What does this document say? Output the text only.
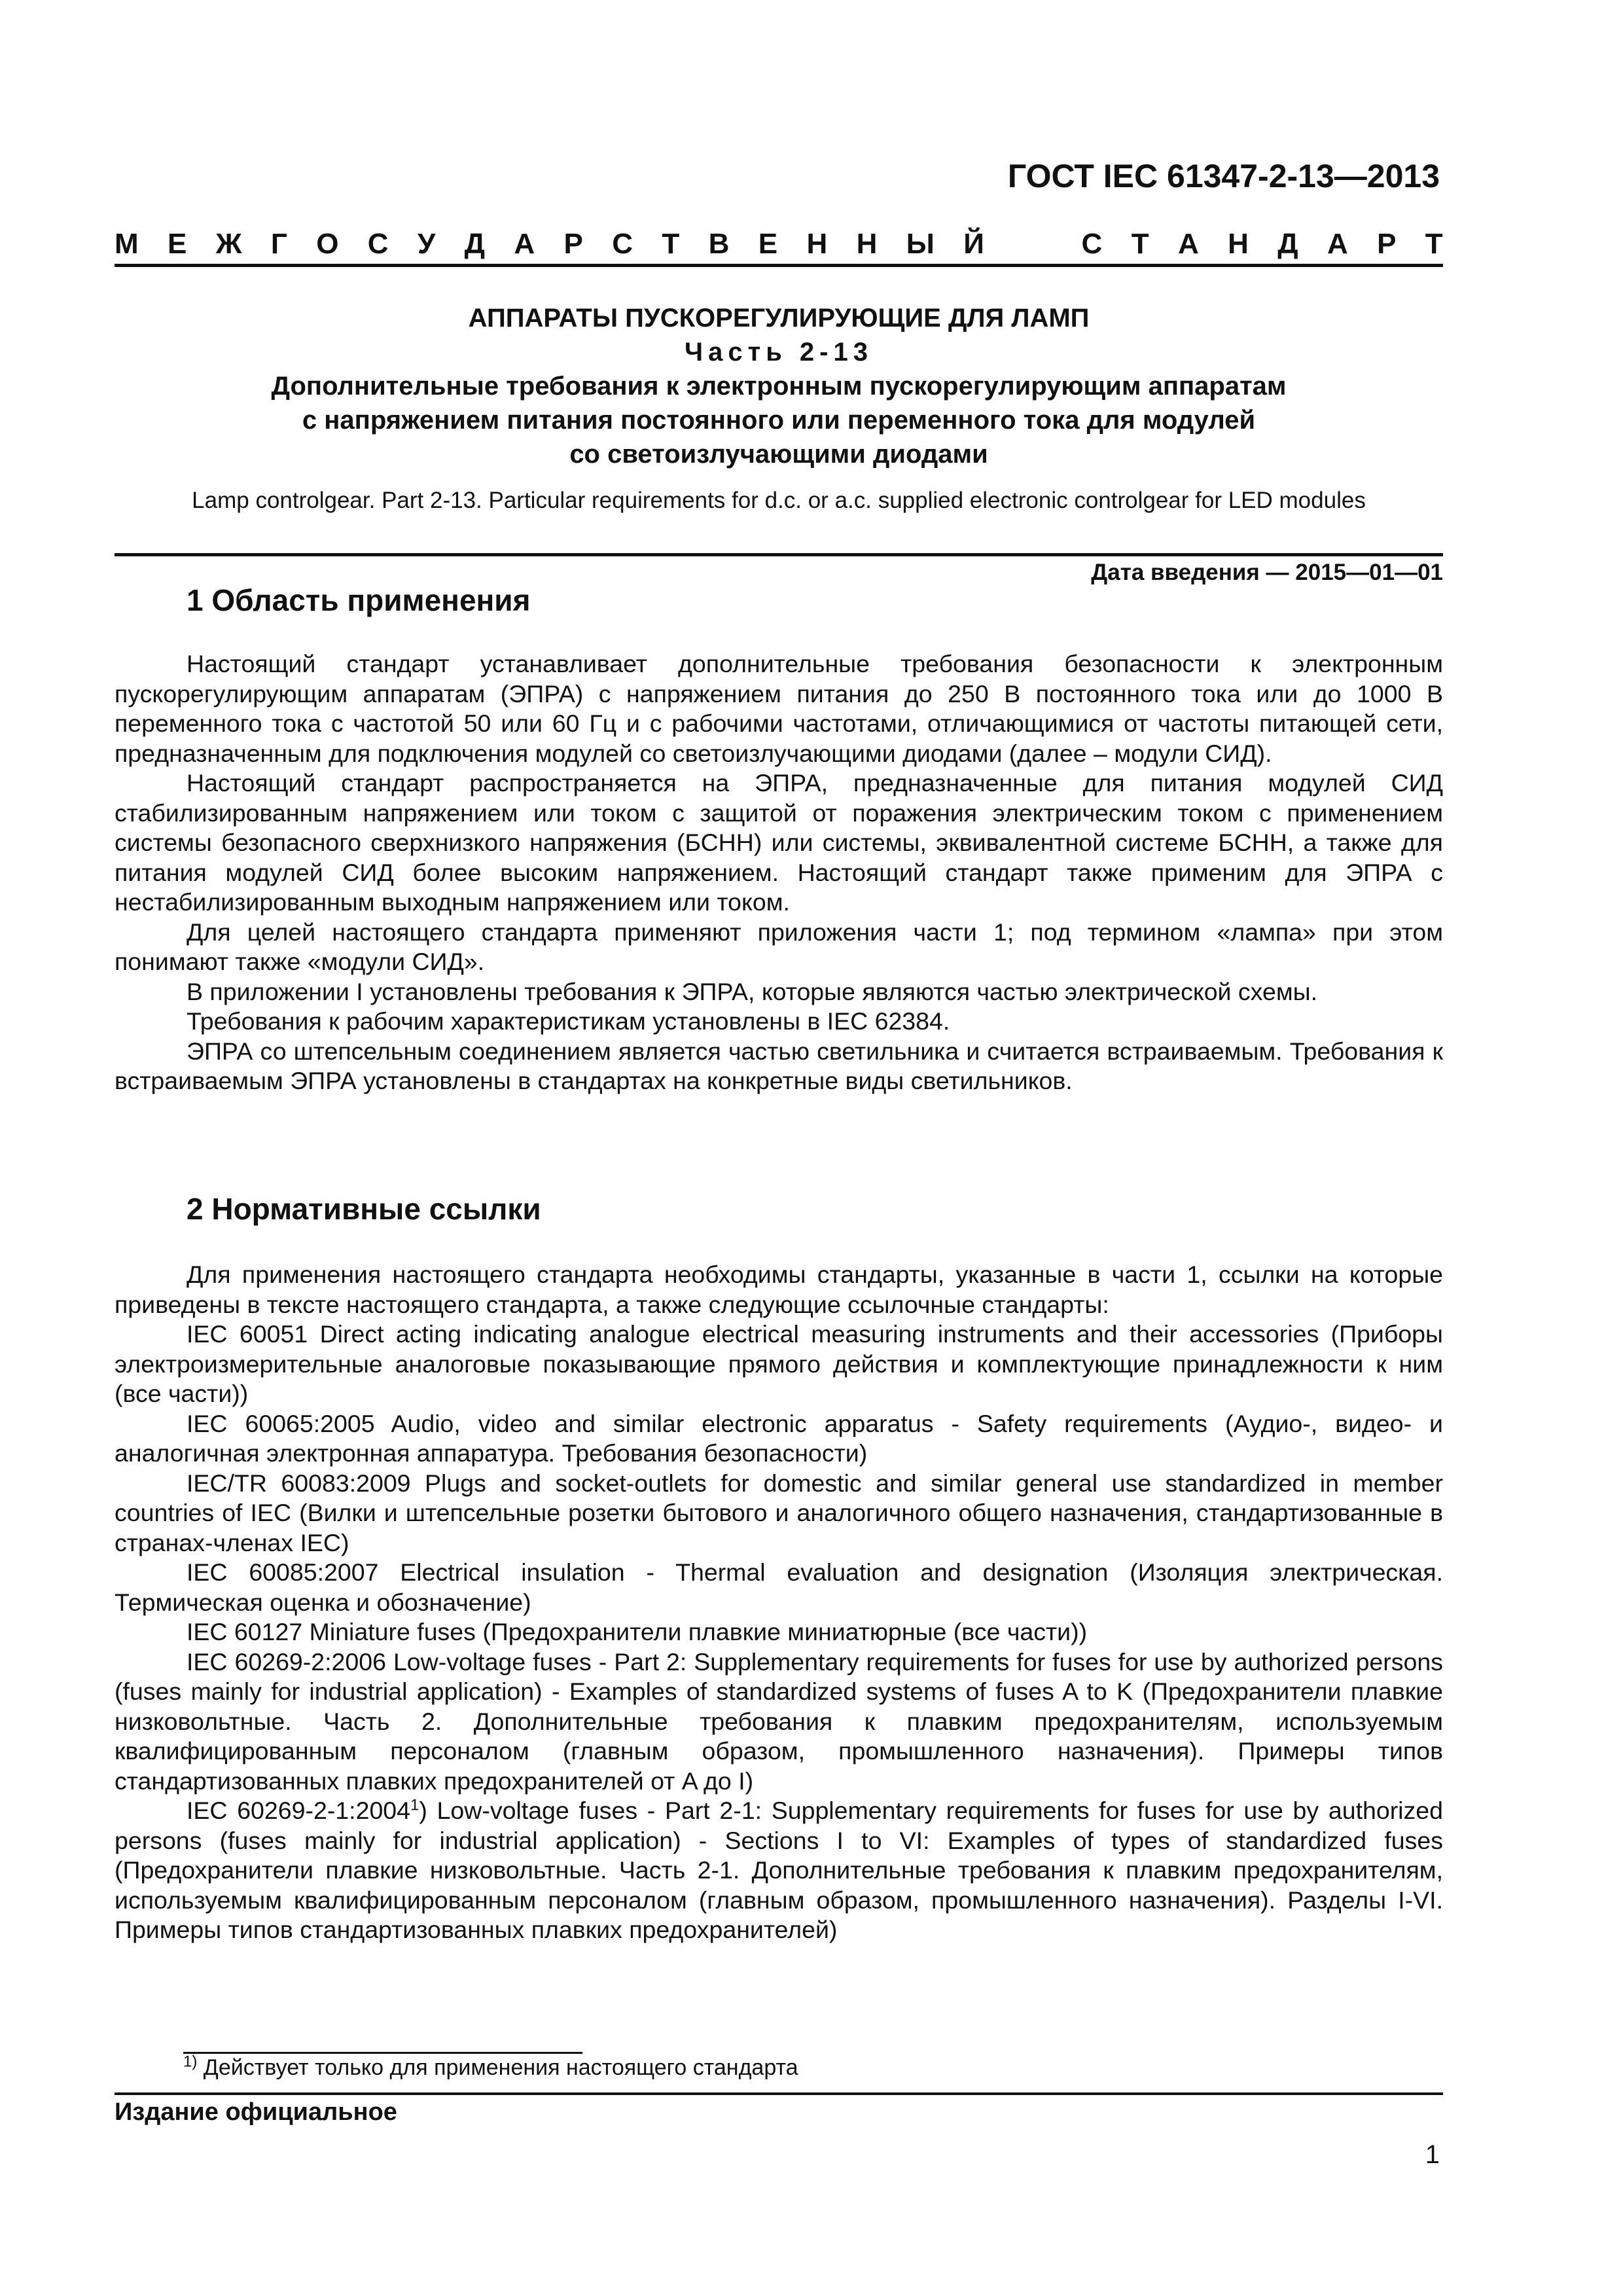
ГОСТ IEC 61347-2-13—2013
М Е Ж Г О С У Д А Р С Т В Е Н Н Ы Й	С Т А Н Д А Р Т
АППАРАТЫ ПУСКОРЕГУЛИРУЮЩИЕ ДЛЯ ЛАМП
Часть 2-13
Дополнительные требования к электронным пускорегулирующим аппаратам
с напряжением питания постоянного или переменного тока для модулей
со светоизлучающими диодами
Lamp controlgear. Part 2-13. Particular requirements for d.c. or a.c. supplied electronic controlgear for LED modules
Дата введения — 2015—01—01
1 Область применения

Настоящий стандарт устанавливает дополнительные требования безопасности к электронным пускорегулирующим аппаратам (ЭПРА) с напряжением питания до 250 В постоянного тока или до 1000 В переменного тока с частотой 50 или 60 Гц и с рабочими частотами, отличающимися от частоты питающей сети, предназначенным для подключения модулей со светоизлучающими диодами (далее – модули СИД).

Настоящий стандарт распространяется на ЭПРА, предназначенные для питания модулей СИД стабилизированным напряжением или током с защитой от поражения электрическим током с применением системы безопасного сверхнизкого напряжения (БСНН) или системы, эквивалентной системе БСНН, а также для питания модулей СИД более высоким напряжением. Настоящий стандарт также применим для ЭПРА с нестабилизированным выходным напряжением или током.

Для целей настоящего стандарта применяют приложения части 1; под термином «лампа» при этом понимают также «модули СИД».

В приложении I установлены требования к ЭПРА, которые являются частью электрической схемы.

Требования к рабочим характеристикам установлены в IEC 62384.

ЭПРА со штепсельным соединением является частью светильника и считается встраиваемым. Требования к встраиваемым ЭПРА установлены в стандартах на конкретные виды светильников.

2 Нормативные ссылки

Для применения настоящего стандарта необходимы стандарты, указанные в части 1, ссылки на которые приведены в тексте настоящего стандарта, а также следующие ссылочные стандарты:

IEC 60051 Direct acting indicating analogue electrical measuring instruments and their accessories (Приборы электроизмерительные аналоговые показывающие прямого действия и комплектующие принадлежности к ним (все части))

IEC 60065:2005 Audio, video and similar electronic apparatus - Safety requirements (Аудио-, видео- и аналогичная электронная аппаратура. Требования безопасности)

IEC/TR 60083:2009 Plugs and socket-outlets for domestic and similar general use standardized in member countries of IEC (Вилки и штепсельные розетки бытового и аналогичного общего назначения, стандартизованные в странах-членах IEC)

IEC 60085:2007 Electrical insulation - Thermal evaluation and designation (Изоляция электрическая. Термическая оценка и обозначение)

IEC 60127 Miniature fuses (Предохранители плавкие миниатюрные (все части))

IEC 60269-2:2006 Low-voltage fuses - Part 2: Supplementary requirements for fuses for use by authorized persons (fuses mainly for industrial application) - Examples of standardized systems of fuses A to K (Предохранители плавкие низковольтные. Часть 2. Дополнительные требования к плавким предохранителям, используемым квалифицированным персоналом (главным образом, промышленного назначения). Примеры типов стандартизованных плавких предохранителей от A до I)

IEC 60269-2-1:2004$^1$) Low-voltage fuses - Part 2-1: Supplementary requirements for fuses for use by authorized persons (fuses mainly for industrial application) - Sections I to VI: Examples of types of standardized fuses (Предохранители плавкие низковольтные. Часть 2-1. Дополнительные требования к плавким предохранителям, используемым квалифицированным персоналом (главным образом, промышленного назначения). Разделы I-VI. Примеры типов стандартизованных плавких предохранителей)

$^{1)}$ Действует только для применения настоящего стандарта
Издание официальное
1
